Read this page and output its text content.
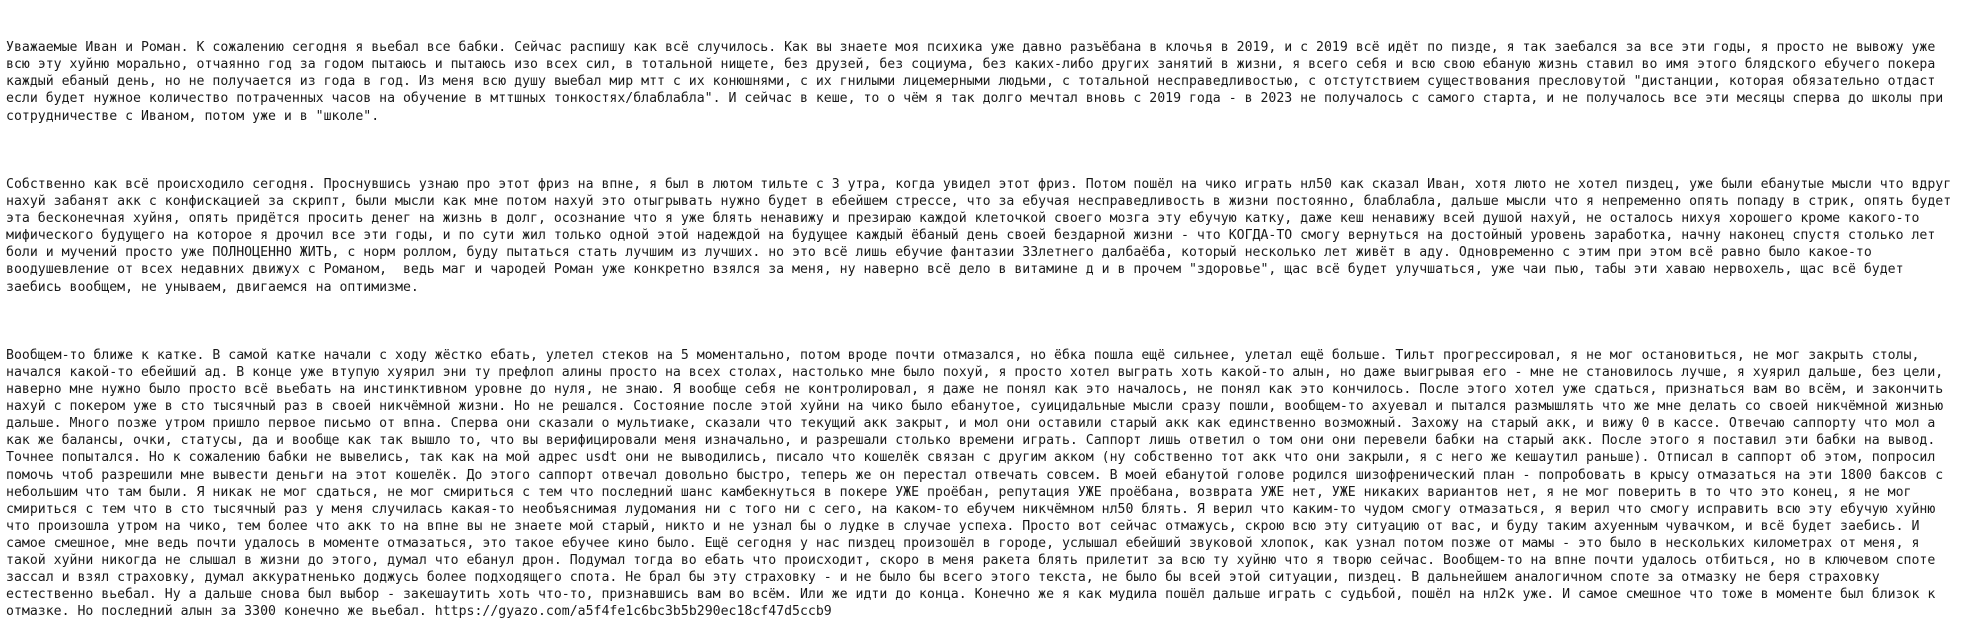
Уважаемые Иван и Роман. К сожалению сегодня я вьебал все бабки. Сейчас распишу как всё случилось. Как вы знаете моя психика уже давно разъёбана в клочья в 2019, и с 2019 всё идёт по пизде, я так заебался за все эти годы, я просто не вывожу уже всю эту хуйню морально, отчаянно год за годом пытаюсь и пытаюсь изо всех сил, в тотальной нищете, без друзей, без социума, без каких-либо других занятий в жизни, я всего себя и всю свою ебаную жизнь ставил во имя этого блядского ебучего покера каждый ебаный день, но не получается из года в год. Из меня всю душу выебал мир мтт с их конюшнями, с их гнилыми лицемерными людьми, с тотальной несправедливостью, с отстутствием существования пресловутой "дистанции, которая обязательно отдаст если будет нужное количество потраченных часов на обучение в мттшных тонкостях/блаблабла". И сейчас в кеше, то о чём я так долго мечтал вновь с 2019 года - в 2023 не получалось с самого старта, и не получалось все эти месяцы сперва до школы при сотрудничестве с Иваном, потом уже и в "школе".

Собственно как всё происходило сегодня. Проснувшись узнаю про этот фриз на впне, я был в лютом тильте с 3 утра, когда увидел этот фриз. Потом пошёл на чико играть нл50 как сказал Иван, хотя люто не хотел пиздец, уже были ебанутые мысли что вдруг нахуй забанят акк с конфискацией за скрипт, были мысли как мне потом нахуй это отыгрывать нужно будет в ебейшем стрессе, что за ебучая несправедливость в жизни постоянно, блаблабла, дальше мысли что я непременно опять попаду в стрик, опять будет эта бесконечная хуйня, опять придётся просить денег на жизнь в долг, осознание что я уже блять ненавижу и презираю каждой клеточкой своего мозга эту ебучую катку, даже кеш ненавижу всей душой нахуй, не осталось нихуя хорошего кроме какого-то мифического будущего на которое я дрочил все эти годы, и по сути жил только одной этой надеждой на будущее каждый ёбаный день своей бездарной жизни - что КОГДА-ТО смогу вернуться на достойный уровень заработка, начну наконец спустя столько лет боли и мучений просто уже ПОЛНОЦЕННО ЖИТЬ, с норм роллом, буду пытаться стать лучшим из лучших. но это всё лишь ебучие фантазии 33летнего далбаёба, который несколько лет живёт в аду. Одновременно с этим при этом всё равно было какое-то воодушевление от всех недавних движух с Романом,  ведь маг и чародей Роман уже конкретно взялся за меня, ну наверно всё дело в витамине д и в прочем "здоровье", щас всё будет улучшаться, уже чаи пью, табы эти хаваю нервохель, щас всё будет заебись вообщем, не унываем, двигаемся на оптимизме.

Вообщем-то ближе к катке. В самой катке начали с ходу жёстко ебать, улетел стеков на 5 моментально, потом вроде почти отмазался, но ёбка пошла ещё сильнее, улетал ещё больше. Тильт прогрессировал, я не мог остановиться, не мог закрыть столы, начался какой-то ебейший ад. В конце уже втупую хуярил эни ту префлоп алины просто на всех столах, настолько мне было похуй, я просто хотел выграть хоть какой-то алын, но даже выигрывая его - мне не становилось лучше, я хуярил дальше, без цели, наверно мне нужно было просто всё вьебать на инстинктивном уровне до нуля, не знаю. Я вообще себя не контролировал, я даже не понял как это началось, не понял как это кончилось. После этого хотел уже сдаться, признаться вам во всём, и закончить нахуй с покером уже в сто тысячный раз в своей никчёмной жизни. Но не решался. Состояние после этой хуйни на чико было ебанутое, суицидальные мысли сразу пошли, вообщем-то ахуевал и пытался размышлять что же мне делать со своей никчёмной жизнью дальше. Много позже утром пришло первое письмо от впна. Сперва они сказали о мультиаке, сказали что текущий акк закрыт, и мол они оставили старый акк как единственно возможный. Захожу на старый акк, и вижу 0 в кассе. Отвечаю саппорту что мол а как же балансы, очки, статусы, да и вообще как так вышло то, что вы верифицировали меня изначально, и разрешали столько времени играть. Саппорт лишь ответил о том они они перевели бабки на старый акк. После этого я поставил эти бабки на вывод. Точнее попытался. Но к сожалению бабки не вывелись, так как на мой адрес usdt они не выводились, писало что кошелёк связан с другим акком (ну собственно тот акк что они закрыли, я с него же кешаутил раньше). Отписал в саппорт об этом, попросил помочь чтоб разрешили мне вывести деньги на этот кошелёк. До этого саппорт отвечал довольно быстро, теперь же он перестал отвечать совсем. В моей ебанутой голове родился шизофренический план - попробовать в крысу отмазаться на эти 1800 баксов с небольшим что там были. Я никак не мог сдаться, не мог смириться с тем что последний шанс камбекнуться в покере УЖЕ проёбан, репутация УЖЕ проёбана, возврата УЖЕ нет, УЖЕ никаких вариантов нет, я не мог поверить в то что это конец, я не мог смириться с тем что в сто тысячный раз у меня случилась какая-то необъяснимая лудомания ни с того ни с сего, на каком-то ебучем никчёмном нл50 блять. Я верил что каким-то чудом смогу отмазаться, я верил что смогу исправить всю эту ебучую хуйню что произошла утром на чико, тем более что акк то на впне вы не знаете мой старый, никто и не узнал бы о лудке в случае успеха. Просто вот сейчас отмажусь, скрою всю эту ситуацию от вас, и буду таким ахуенным чувачком, и всё будет заебись. И самое смешное, мне ведь почти удалось в моменте отмазаться, это такое ебучее кино было. Ещё сегодня у нас пиздец произошёл в городе, услышал ебейший звуковой хлопок, как узнал потом позже от мамы - это было в нескольких километрах от меня, я такой хуйни никогда не слышал в жизни до этого, думал что ебанул дрон. Подумал тогда во ебать что происходит, скоро в меня ракета блять прилетит за всю ту хуйню что я творю сейчас. Вообщем-то на впне почти удалось отбиться, но в ключевом споте зассал и взял страховку, думал аккуратненько доджусь более подходящего спота. Не брал бы эту страховку - и не было бы всего этого текста, не было бы всей этой ситуации, пиздец. В дальнейшем аналогичном споте за отмазку не беря страховку естественно вьебал. Ну а дальше снова был выбор - закешаутить хоть что-то, признавшись вам во всём. Или же идти до конца. Конечно же я как мудила пошёл дальше играть с судьбой, пошёл на нл2к уже. И самое смешное что тоже в моменте был близок к отмазке. Но последний алын за 3300 конечно же вьебал. https://gyazo.com/a5f4fe1c6bc3b5b290ec18cf47d5ccb9
